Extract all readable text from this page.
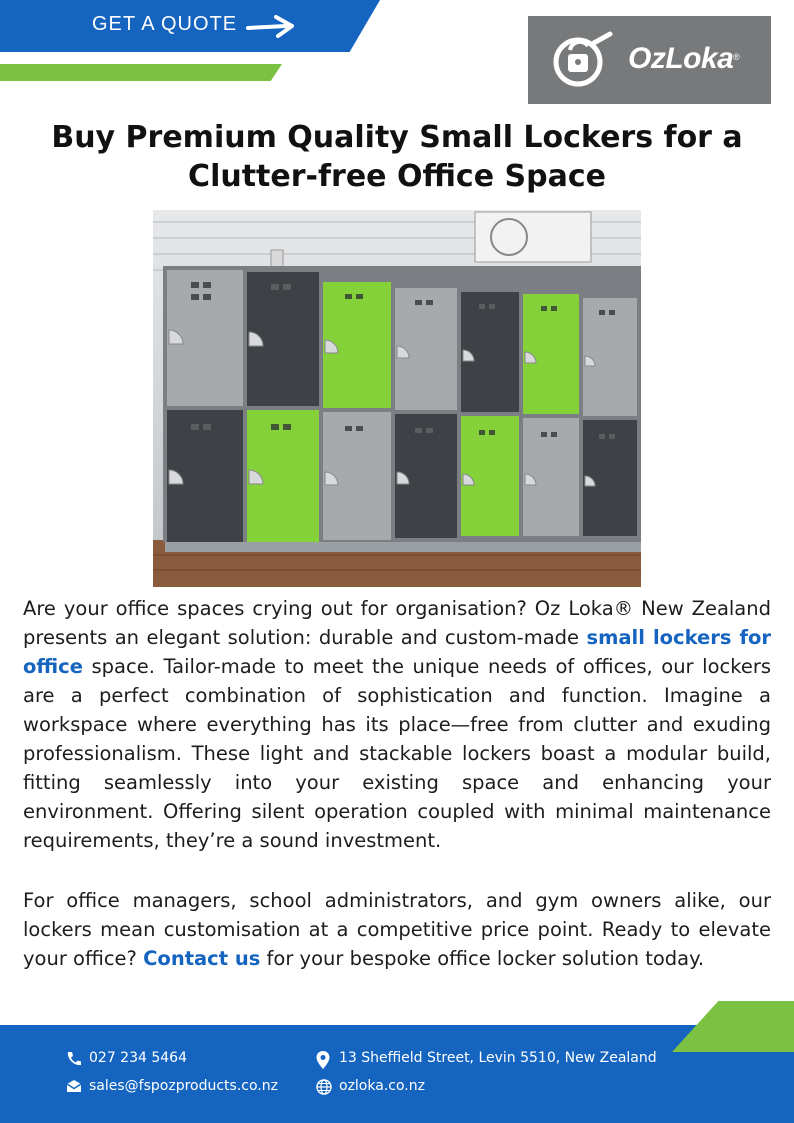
GET A QUOTE
OzLoka ®
Buy Premium Quality Small Lockers for a Clutter-free Office Space

Are your office spaces crying out for organisation? Oz Loka® New Zealand presents an elegant solution: durable and custom-made small lockers for office space. Tailor-made to meet the unique needs of offices, our lockers are a perfect combination of sophistication and function. Imagine a workspace where everything has its place—free from clutter and exuding professionalism. These light and stackable lockers boast a modular build, fitting seamlessly into your existing space and enhancing your environment. Offering silent operation coupled with minimal maintenance requirements, they’re a sound investment.

For office managers, school administrators, and gym owners alike, our lockers mean customisation at a competitive price point. Ready to elevate your office? Contact us for your bespoke office locker solution today.

027 234 5464	13 Sheffield Street, Levin 5510, New Zealand
sales@fspozproducts.co.nz	ozloka.co.nz
